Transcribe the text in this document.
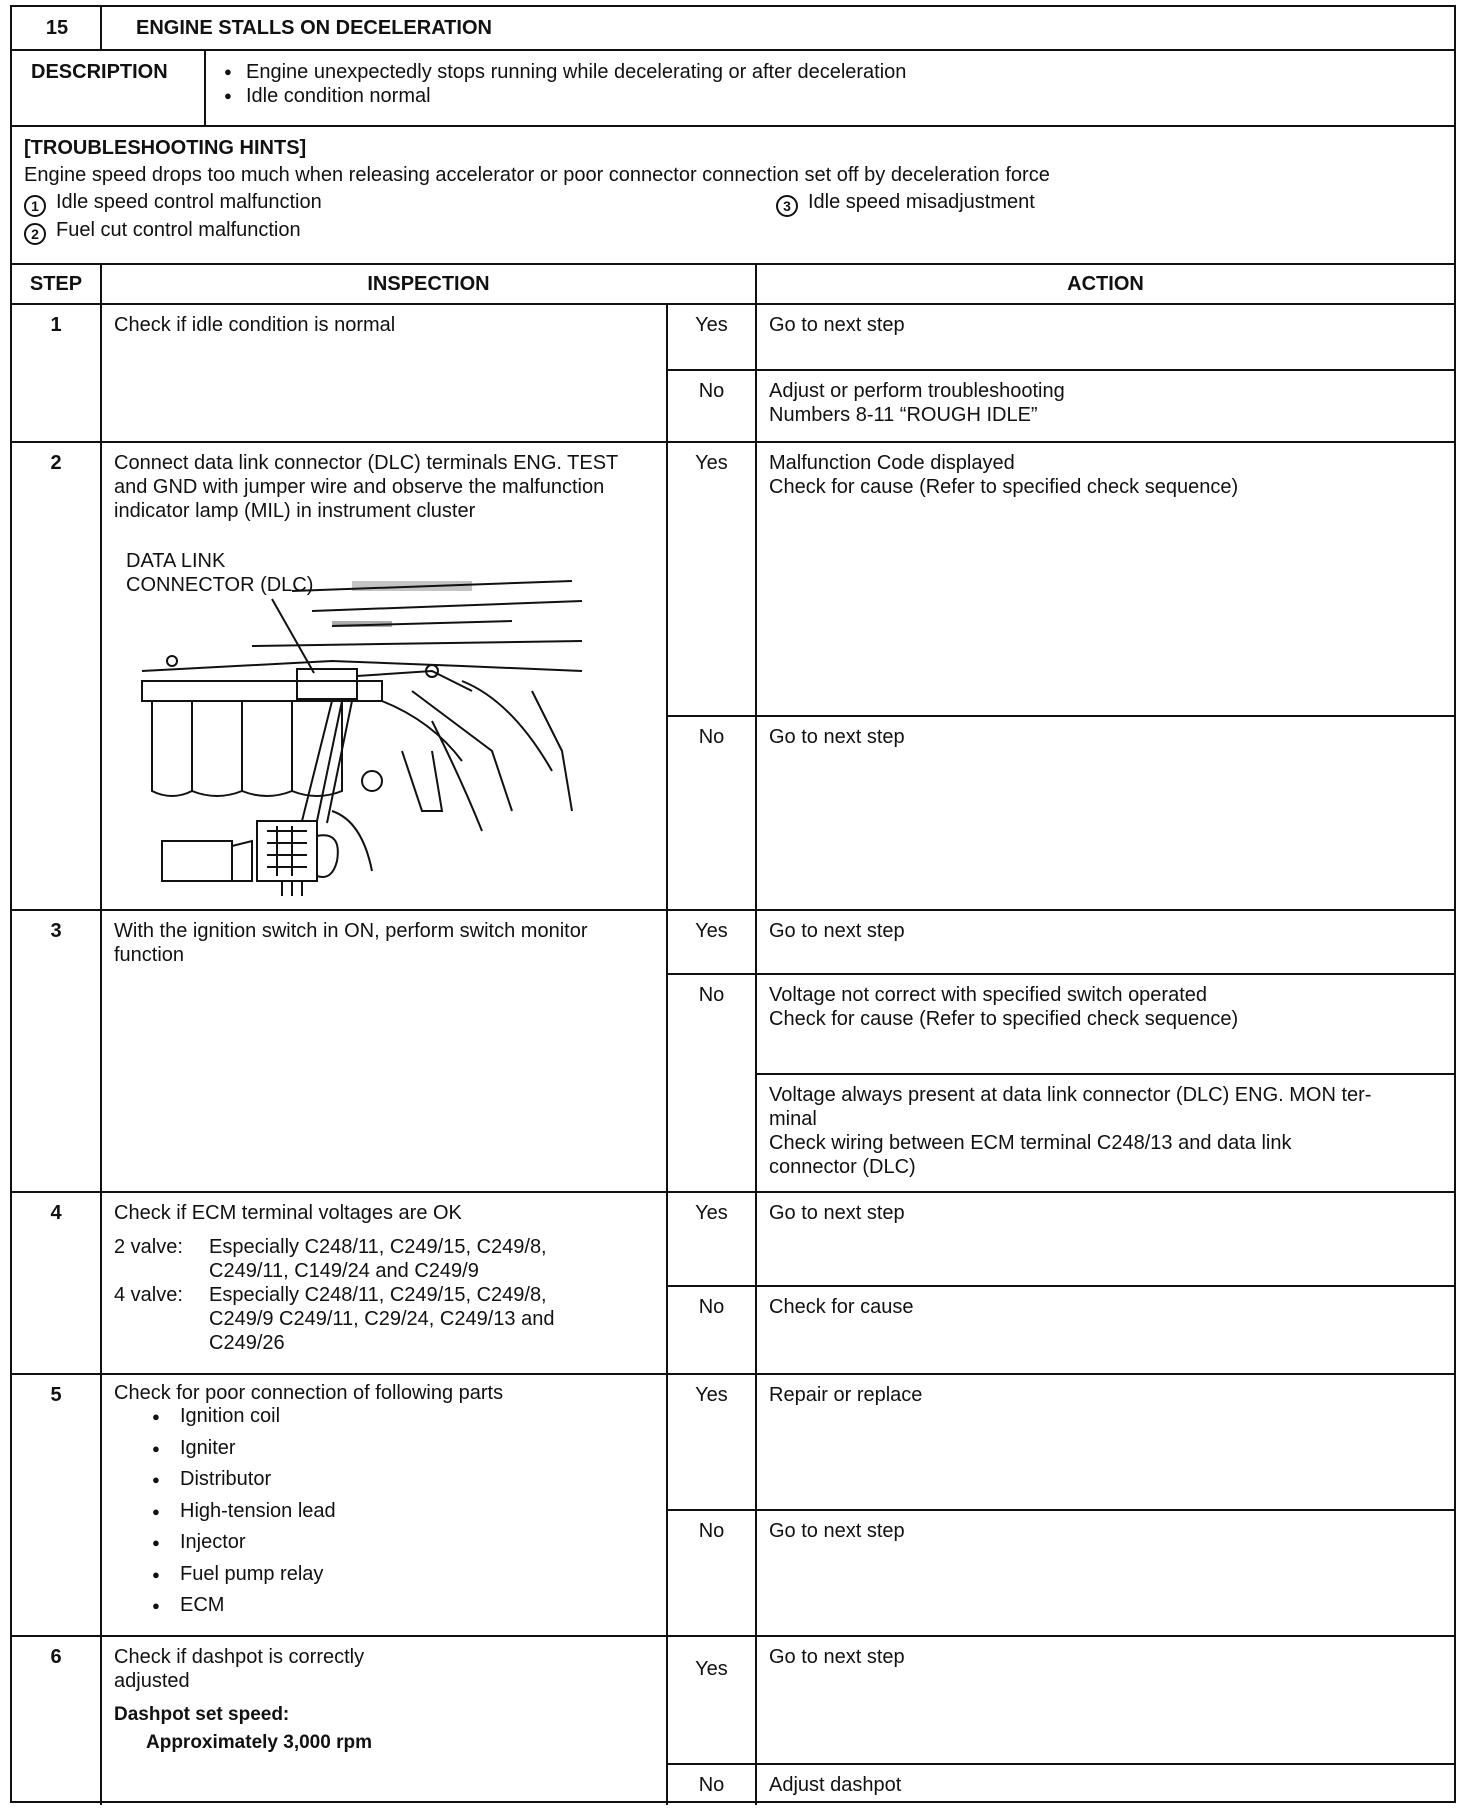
15	ENGINE STALLS ON DECELERATION
DESCRIPTION
●	Engine unexpectedly stops running while decelerating or after deceleration
● Idle condition normal
[TROUBLESHOOTING HINTS]
Engine speed drops too much when releasing accelerator or poor connector connection set off by deceleration force
1 Idle speed control malfunction
2 Fuel cut control malfunction
3 Idle speed misadjustment
STEP	INSPECTION	ACTION
1	Check if idle condition is normal	Yes
No
Go to next step
Adjust or perform troubleshooting
Numbers 8-11 “ROUGH IDLE”
2	Connect data link connector (DLC) terminals ENG. TEST and GND with jumper wire and observe the malfunction indicator lamp (MIL) in instrument cluster
DATA LINK
CONNECTOR (DLC)
Yes
No
Malfunction Code displayed
Check for cause (Refer to specified check sequence)
Go to next step
3	With the ignition switch in ON, perform switch monitor function
Yes
No
Go to next step
Voltage not correct with specified switch operated
Check for cause (Refer to specified check sequence)
Voltage always present at data link connector (DLC) ENG. MON ter-
minal
Check wiring between ECM terminal C248/13 and data link
connector (DLC)
4	Check if ECM terminal voltages are OK
2 valve: Especially C248/11, C249/15, C249/8,
C249/11, C149/24 and C249/9
4 valve: Especially C248/11, C249/15, C249/8,
C249/9 C249/11, C29/24, C249/13 and
C249/26
Yes
No
Go to next step
Check for cause
5	Check for poor connection of following parts
● Ignition coil
● Igniter
● Distributor
● High-tension lead
● Injector
● Fuel pump relay
● ECM
Yes
No
Repair or replace
Go to next step
6	Check if dashpot is correctly
adjusted
Dashpot set speed:
Approximately 3,000 rpm
Yes
No
Go to next step
Adjust dashpot
